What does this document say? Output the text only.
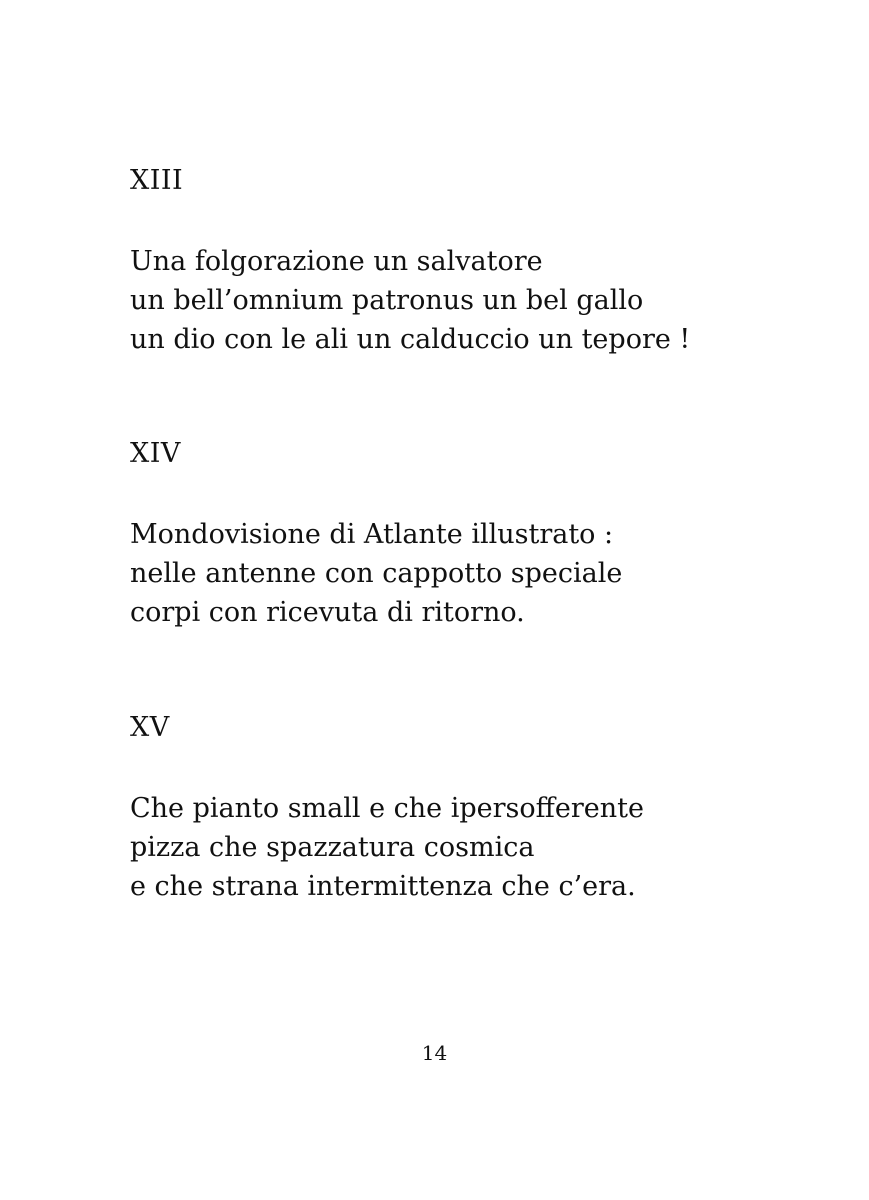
XIII

Una folgorazione un salvatore

un bell’omnium patronus un bel gallo

un dio con le ali un calduccio un tepore !

XIV

Mondovisione di Atlante illustrato :

nelle antenne con cappotto speciale

corpi con ricevuta di ritorno.

XV

Che pianto small e che ipersofferente

pizza che spazzatura cosmica

e che strana intermittenza che c’era.

14
